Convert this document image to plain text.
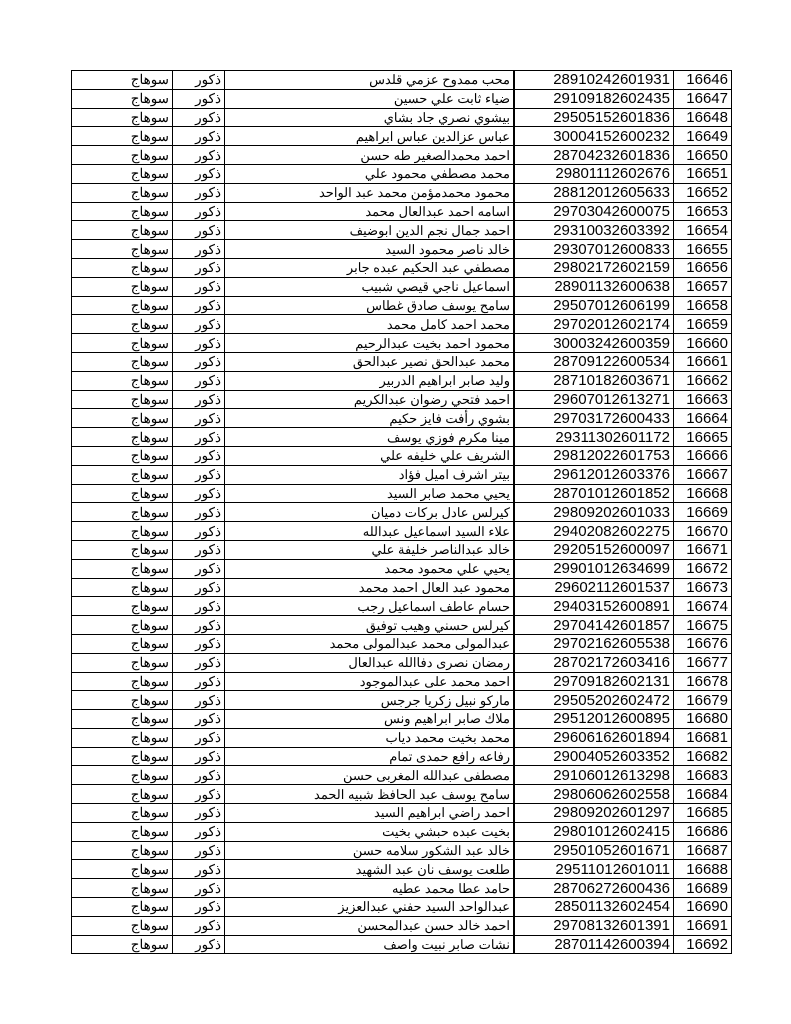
سوهاج	ذكور	محب ممدوح عزمي قلدس	28910242601931	16646
سوهاج	ذكور	ضياء ثابت علي حسين	29109182602435	16647
سوهاج	ذكور	بيشوي نصري جاد بشاي	29505152601836	16648
سوهاج	ذكور	عباس عزالدين عباس ابراهيم	30004152600232	16649
سوهاج	ذكور	احمد محمدالصغير طه حسن	28704232601836	16650
سوهاج	ذكور	محمد مصطفي محمود علي	29801112602676	16651
سوهاج	ذكور	محمود محمدمؤمن محمد عبد الواحد	28812012605633	16652
سوهاج	ذكور	اسامه احمد عبدالعال محمد	29703042600075	16653
سوهاج	ذكور	احمد جمال نجم الدين ابوضيف	29310032603392	16654
سوهاج	ذكور	خالد ناصر محمود السيد	29307012600833	16655
سوهاج	ذكور	مصطفي عبد الحكيم عبده جابر	29802172602159	16656
سوهاج	ذكور	اسماعيل ناجي قيصي شبيب	28901132600638	16657
سوهاج	ذكور	سامح يوسف صادق غطاس	29507012606199	16658
سوهاج	ذكور	محمد احمد كامل محمد	29702012602174	16659
سوهاج	ذكور	محمود احمد بخيت عبدالرحيم	30003242600359	16660
سوهاج	ذكور	محمد عبدالحق نصير عبدالحق	28709122600534	16661
سوهاج	ذكور	وليد صابر ابراهيم الدربير	28710182603671	16662
سوهاج	ذكور	احمد فتحي رضوان عبدالكريم	29607012613271	16663
سوهاج	ذكور	بشوي رأفت فايز حكيم	29703172600433	16664
سوهاج	ذكور	مينا مكرم فوزي يوسف	29311302601172	16665
سوهاج	ذكور	الشريف علي خليفه علي	29812022601753	16666
سوهاج	ذكور	بيتر اشرف اميل فؤاد	29612012603376	16667
سوهاج	ذكور	يحيي محمد صابر السيد	28701012601852	16668
سوهاج	ذكور	كيرلس عادل بركات دميان	29809202601033	16669
سوهاج	ذكور	علاء السيد اسماعيل عبدالله	29402082602275	16670
سوهاج	ذكور	خالد عبدالناصر خليفة علي	29205152600097	16671
سوهاج	ذكور	يحيي علي محمود محمد	29901012634699	16672
سوهاج	ذكور	محمود عبد العال احمد محمد	29602112601537	16673
سوهاج	ذكور	حسام عاطف اسماعيل رجب	29403152600891	16674
سوهاج	ذكور	كيرلس حسني وهيب توفيق	29704142601857	16675
سوهاج	ذكور	عبدالمولى محمد عبدالمولى محمد	29702162605538	16676
سوهاج	ذكور	رمضان نصرى دفاالله عبدالعال	28702172603416	16677
سوهاج	ذكور	احمد محمد على عبدالموجود	29709182602131	16678
سوهاج	ذكور	ماركو نبيل زكريا جرجس	29505202602472	16679
سوهاج	ذكور	ملاك صابر ابراهيم ونس	29512012600895	16680
سوهاج	ذكور	محمد بخيت محمد دياب	29606162601894	16681
سوهاج	ذكور	رفاعه رافع حمدى تمام	29004052603352	16682
سوهاج	ذكور	مصطفى عبدالله المغربى حسن	29106012613298	16683
سوهاج	ذكور	سامح يوسف عبد الحافظ شبيه الحمد	29806062602558	16684
سوهاج	ذكور	احمد راضي ابراهيم السيد	29809202601297	16685
سوهاج	ذكور	بخيت عبده حبشي بخيت	29801012602415	16686
سوهاج	ذكور	خالد عبد الشكور سلامه حسن	29501052601671	16687
سوهاج	ذكور	طلعت يوسف نان عبد الشهيد	29511012601011	16688
سوهاج	ذكور	حامد عطا محمد عطيه	28706272600436	16689
سوهاج	ذكور	عبدالواحد السيد حفني عبدالعزيز	28501132602454	16690
سوهاج	ذكور	احمد خالد حسن عبدالمحسن	29708132601391	16691
سوهاج	ذكور	نشات صابر نبيت واصف	28701142600394	16692
